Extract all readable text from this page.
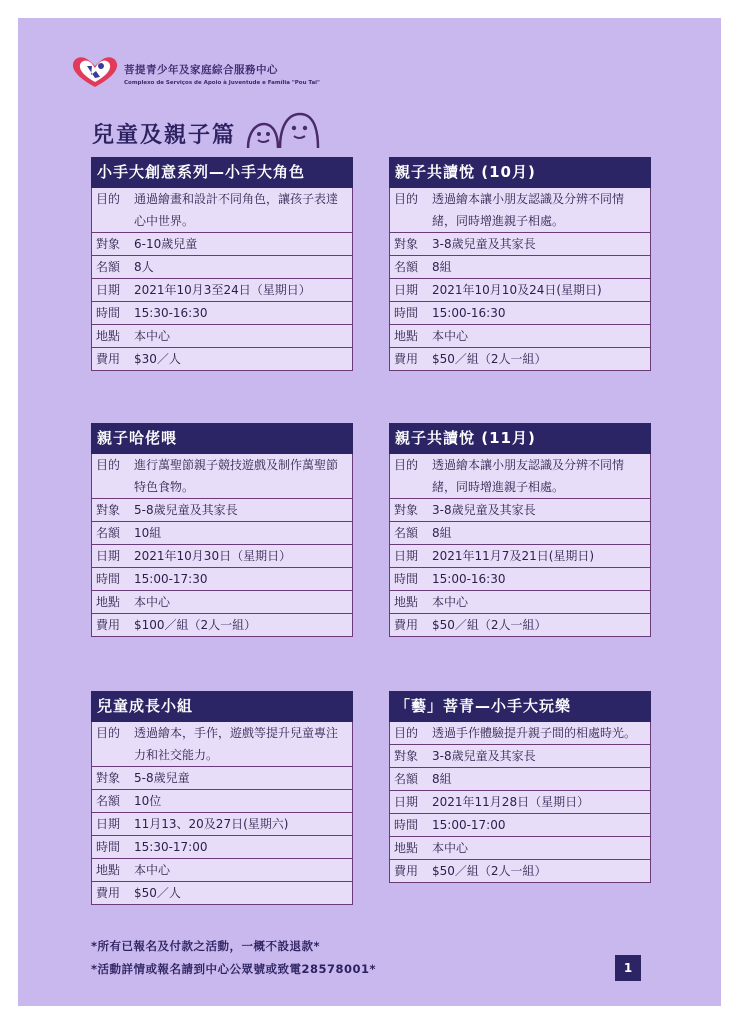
菩提青少年及家庭綜合服務中心
Complexo de Serviços de Apoio à Juventude e Família "Pou Tai"
兒童及親子篇
小手大創意系列—小手大角色
目的	通過繪畫和設計不同角色，讓孩子表達心中世界。
對象	6-10歲兒童
名額	8人
日期	2021年10月3至24日（星期日）
時間	15:30-16:30
地點	本中心
費用	$30／人
親子共讀悅 (10月)
目的	透過繪本讓小朋友認識及分辨不同情緒，同時增進親子相處。
對象	3-8歲兒童及其家長
名額	8組
日期	2021年10月10及24日(星期日)
時間	15:00-16:30
地點	本中心
費用	$50／組（2人一組）
親子哈佬喂
目的	進行萬聖節親子競技遊戲及制作萬聖節特色食物。
對象	5-8歲兒童及其家長
名額	10組
日期	2021年10月30日（星期日）
時間	15:00-17:30
地點	本中心
費用	$100／組（2人一組）
親子共讀悅 (11月)
目的	透過繪本讓小朋友認識及分辨不同情緒，同時增進親子相處。
對象	3-8歲兒童及其家長
名額	8組
日期	2021年11月7及21日(星期日)
時間	15:00-16:30
地點	本中心
費用	$50／組（2人一組）
兒童成長小組
目的	透過繪本，手作，遊戲等提升兒童專注力和社交能力。
對象	5-8歲兒童
名額	10位
日期	11月13、20及27日(星期六)
時間	15:30-17:00
地點	本中心
費用	$50／人
「藝」菩青—小手大玩樂
目的	透過手作體驗提升親子間的相處時光。
對象	3-8歲兒童及其家長
名額	8組
日期	2021年11月28日（星期日）
時間	15:00-17:00
地點	本中心
費用	$50／組（2人一組）
*所有已報名及付款之活動，一概不設退款*
*活動詳情或報名請到中心公眾號或致電28578001*	1
